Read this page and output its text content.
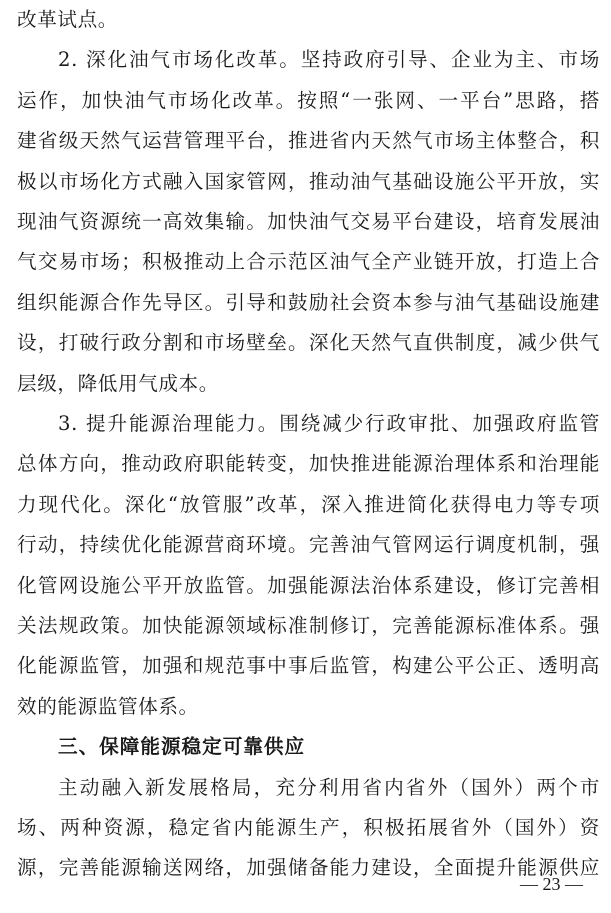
改革试点。
2. 深化油气市场化改革。坚持政府引导、企业为主、市场
运作，加快油气市场化改革。按照“一张网、一平台”思路，搭
建省级天然气运营管理平台，推进省内天然气市场主体整合，积
极以市场化方式融入国家管网，推动油气基础设施公平开放，实
现油气资源统一高效集输。加快油气交易平台建设，培育发展油
气交易市场；积极推动上合示范区油气全产业链开放，打造上合
组织能源合作先导区。引导和鼓励社会资本参与油气基础设施建
设，打破行政分割和市场壁垒。深化天然气直供制度，减少供气
层级，降低用气成本。
3. 提升能源治理能力。围绕减少行政审批、加强政府监管
总体方向，推动政府职能转变，加快推进能源治理体系和治理能
力现代化。深化“放管服”改革，深入推进简化获得电力等专项
行动，持续优化能源营商环境。完善油气管网运行调度机制，强
化管网设施公平开放监管。加强能源法治体系建设，修订完善相
关法规政策。加快能源领域标准制修订，完善能源标准体系。强
化能源监管，加强和规范事中事后监管，构建公平公正、透明高
效的能源监管体系。
三、保障能源稳定可靠供应
主动融入新发展格局，充分利用省内省外（国外）两个市
场、两种资源，稳定省内能源生产，积极拓展省外（国外）资
源，完善能源输送网络，加强储备能力建设，全面提升能源供应
— 23 —
